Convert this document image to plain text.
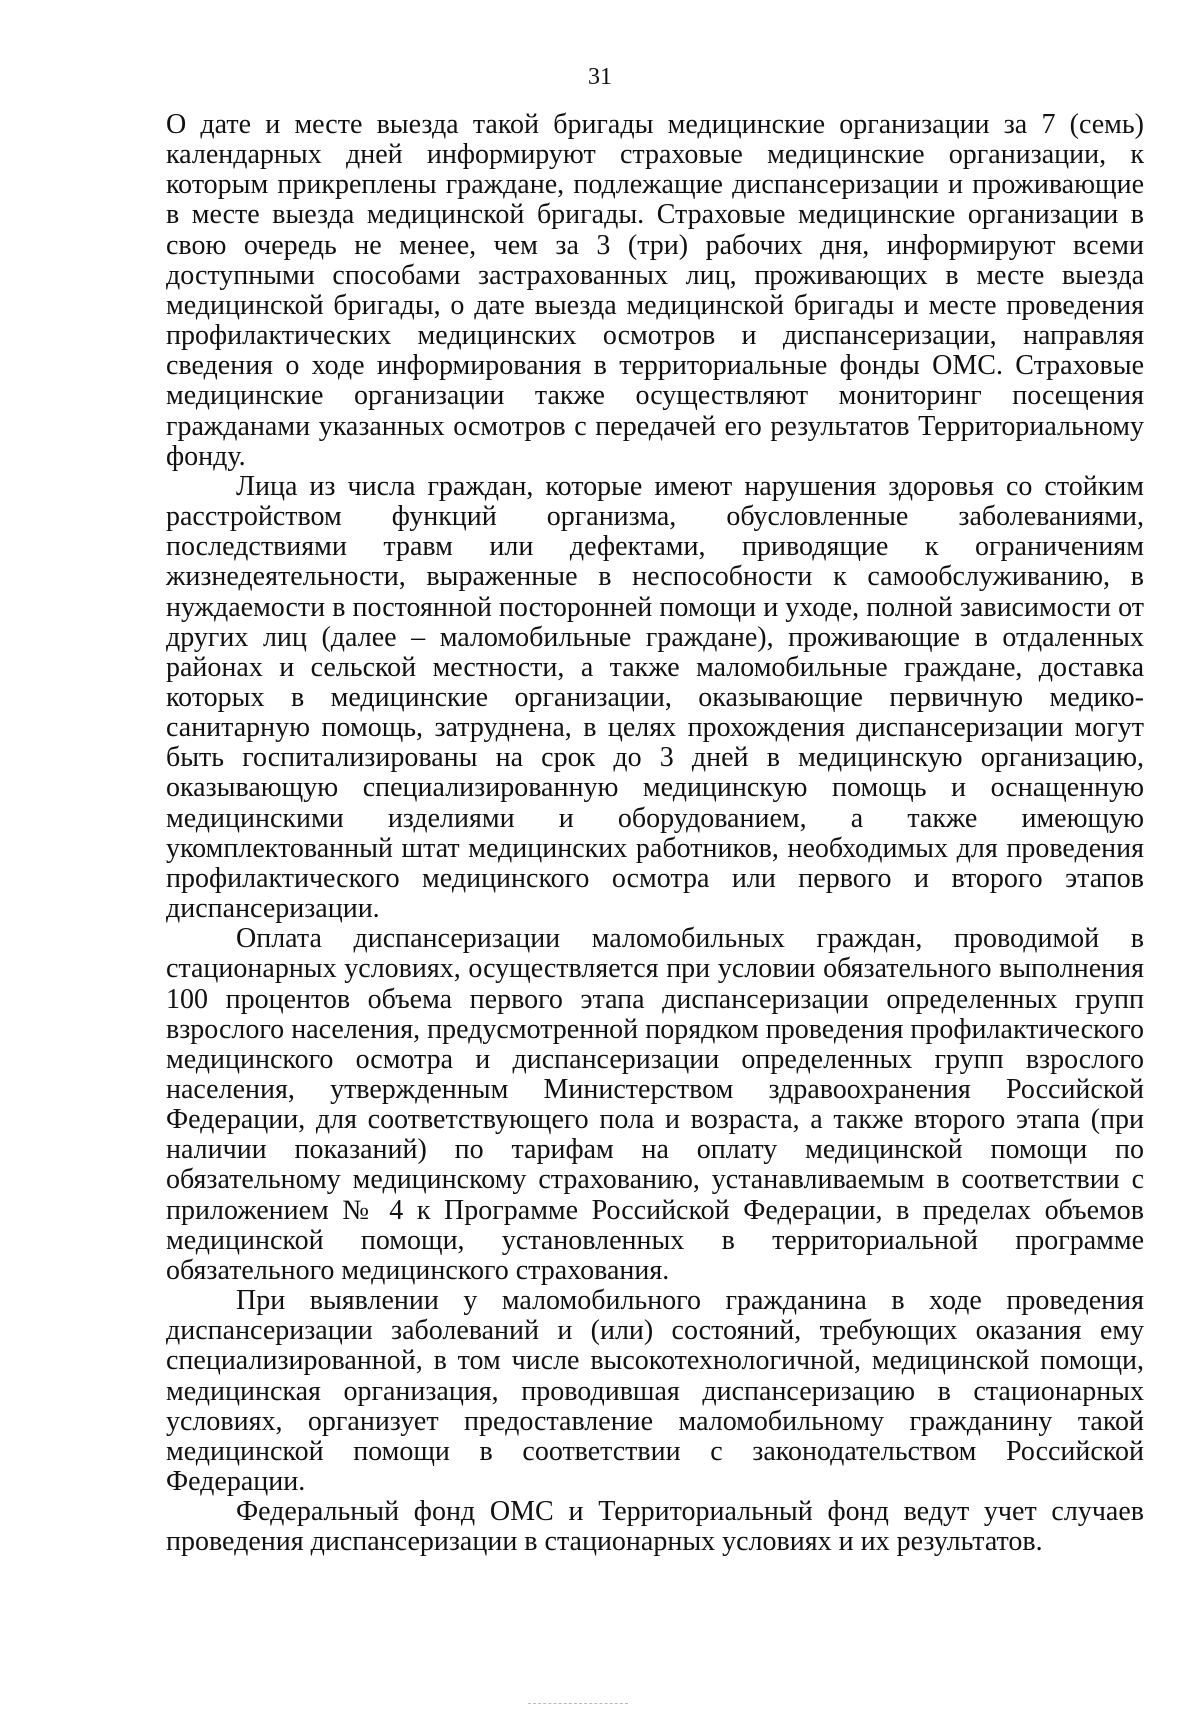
31

О дате и месте выезда такой бригады медицинские организации за 7 (семь) календарных дней информируют страховые медицинские организации, к которым прикреплены граждане, подлежащие диспансеризации и проживающие в месте выезда медицинской бригады. Страховые медицинские организации в свою очередь не менее, чем за 3 (три) рабочих дня, информируют всеми доступными способами застрахованных лиц, проживающих в месте выезда медицинской бригады, о дате выезда медицинской бригады и месте проведения профилактических медицинских осмотров и диспансеризации, направляя сведения о ходе информирования в территориальные фонды ОМС. Страховые медицинские организации также осуществляют мониторинг посещения гражданами указанных осмотров с передачей его результатов Территориальному фонду.

Лица из числа граждан, которые имеют нарушения здоровья со стойким расстройством функций организма, обусловленные заболеваниями, последствиями травм или дефектами, приводящие к ограничениям жизнедеятельности, выраженные в неспособности к самообслуживанию, в нуждаемости в постоянной посторонней помощи и уходе, полной зависимости от других лиц (далее – маломобильные граждане), проживающие в отдаленных районах и сельской местности, а также маломобильные граждане, доставка которых в медицинские организации, оказывающие первичную медико-санитарную помощь, затруднена, в целях прохождения диспансеризации могут быть госпитализированы на срок до 3 дней в медицинскую организацию, оказывающую специализированную медицинскую помощь и оснащенную медицинскими изделиями и оборудованием, а также имеющую укомплектованный штат медицинских работников, необходимых для проведения профилактического медицинского осмотра или первого и второго этапов диспансеризации.

Оплата диспансеризации маломобильных граждан, проводимой в стационарных условиях, осуществляется при условии обязательного выполнения 100 процентов объема первого этапа диспансеризации определенных групп взрослого населения, предусмотренной порядком проведения профилактического медицинского осмотра и диспансеризации определенных групп взрослого населения, утвержденным Министерством здравоохранения Российской Федерации, для соответствующего пола и возраста, а также второго этапа (при наличии показаний) по тарифам на оплату медицинской помощи по обязательному медицинскому страхованию, устанавливаемым в соответствии с приложением № 4 к Программе Российской Федерации, в пределах объемов медицинской помощи, установленных в территориальной программе обязательного медицинского страхования.

При выявлении у маломобильного гражданина в ходе проведения диспансеризации заболеваний и (или) состояний, требующих оказания ему специализированной, в том числе высокотехнологичной, медицинской помощи, медицинская организация, проводившая диспансеризацию в стационарных условиях, организует предоставление маломобильному гражданину такой медицинской помощи в соответствии с законодательством Российской Федерации.

Федеральный фонд ОМС и Территориальный фонд ведут учет случаев проведения диспансеризации в стационарных условиях и их результатов.
